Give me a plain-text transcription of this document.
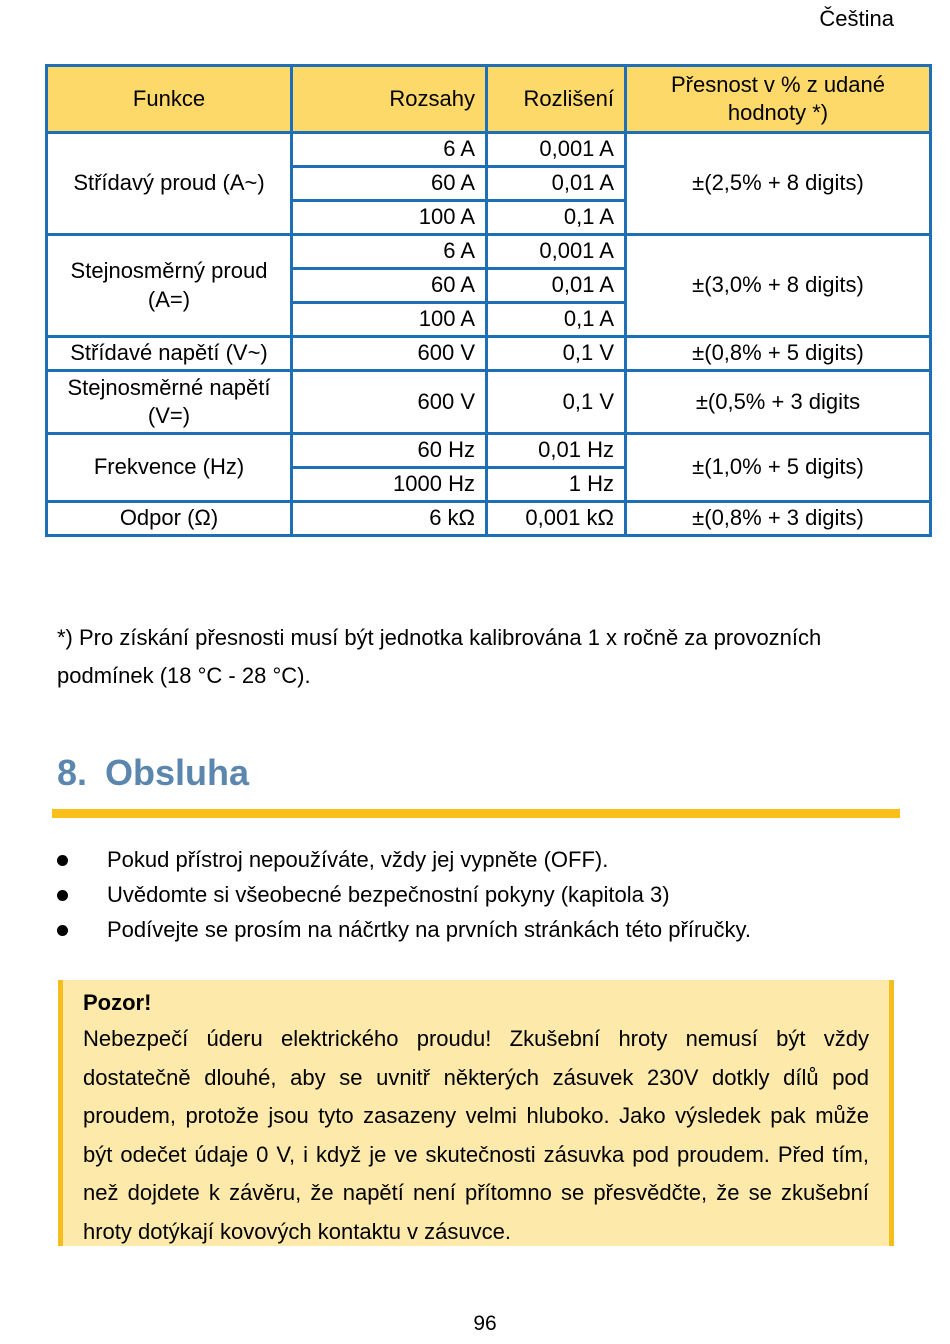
Čeština
Funkce	Rozsahy	Rozlišení	Přesnost v % z udané hodnoty *)
Střídavý proud (A~)	6 A	0,001 A	±(2,5% + 8 digits)
	60 A	0,01 A	
	100 A	0,1 A	
Stejnosměrný proud (A=)	6 A	0,001 A	±(3,0% + 8 digits)
	60 A	0,01 A	
	100 A	0,1 A	
Střídavé napětí (V~)	600 V	0,1 V	±(0,8% + 5 digits)
Stejnosměrné napětí (V=)	600 V	0,1 V	±(0,5% + 3 digits
Frekvence (Hz)	60 Hz	0,01 Hz	±(1,0% + 5 digits)
	1000 Hz	1 Hz	
Odpor (Ω)	6 kΩ	0,001 kΩ	±(0,8% + 3 digits)

*) Pro získání přesnosti musí být jednotka kalibrována 1 x ročně za provozních podmínek (18 °C - 28 °C).

8. Obsluha
Pokud přístroj nepoužíváte, vždy jej vypněte (OFF).
Uvědomte si všeobecné bezpečnostní pokyny (kapitola 3)
Podívejte se prosím na náčrtky na prvních stránkách této příručky.

Pozor!

Nebezpečí úderu elektrického proudu! Zkušební hroty nemusí být vždy dostatečně dlouhé, aby se uvnitř některých zásuvek 230V dotkly dílů pod proudem, protože jsou tyto zasazeny velmi hluboko. Jako výsledek pak může být odečet údaje 0 V, i když je ve skutečnosti zásuvka pod proudem. Před tím, než dojdete k závěru, že napětí není přítomno se přesvědčte, že se zkušební hroty dotýkají kovových kontaktu v zásuvce.

96
